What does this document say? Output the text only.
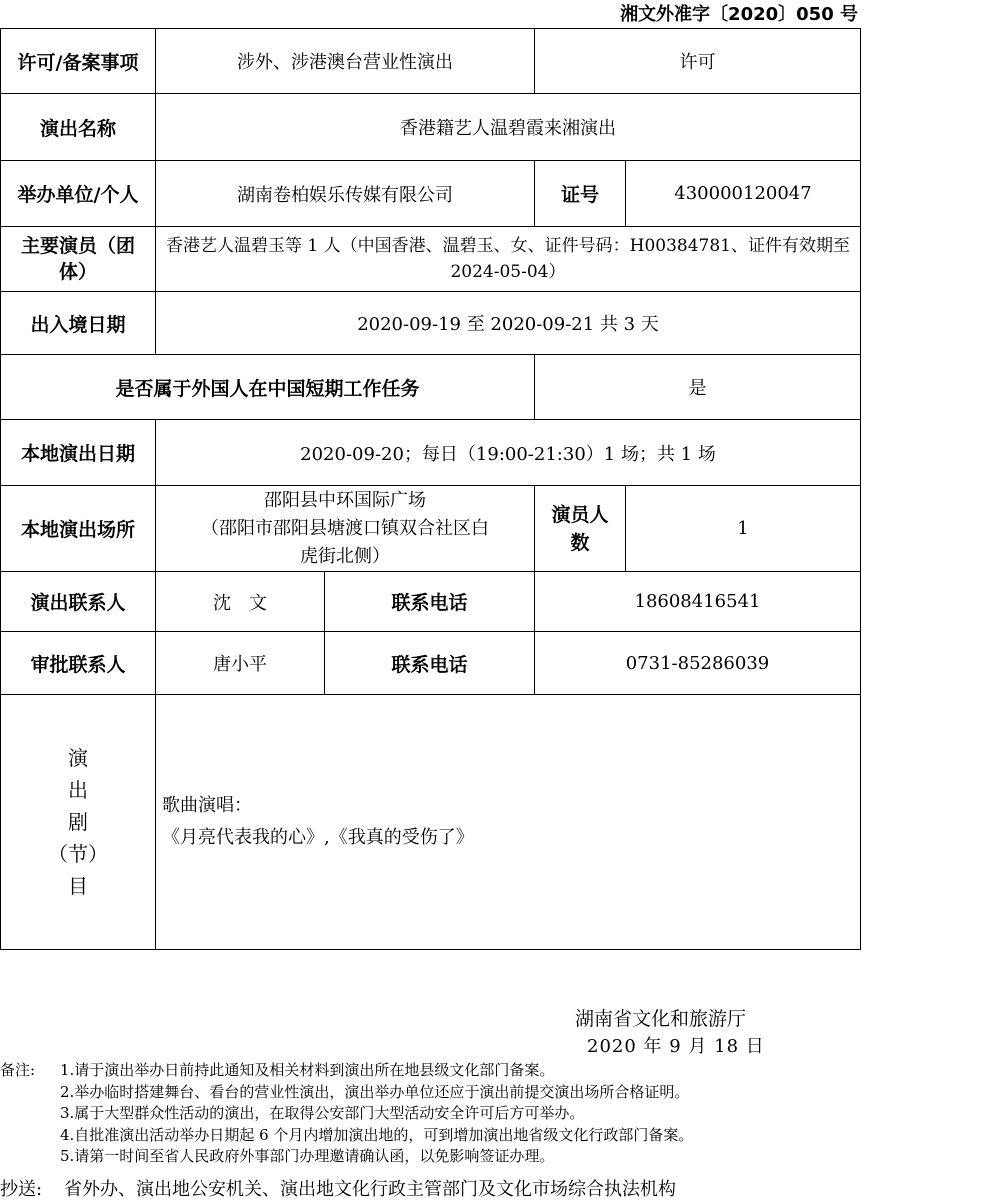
湘文外准字〔2020〕050 号
许可/备案事项	涉外、涉港澳台营业性演出		许可	
演出名称	香港籍艺人温碧霞来湘演出			
举办单位/个人	湖南卷柏娱乐传媒有限公司		证号	430000120047
主要演员（团体）	香港艺人温碧玉等 1 人（中国香港、温碧玉、女、证件号码：H00384781、证件有效期至 2024-05-04）			
出入境日期	2020-09-19 至 2020-09-21 共 3 天			
是否属于外国人在中国短期工作任务			是	
本地演出日期	2020-09-20；每日（19:00-21:30）1 场；共 1 场			
本地演出场所	邵阳县中环国际广场
（邵阳市邵阳县塘渡口镇双合社区白
虎街北侧）		演员人数	1
演出联系人	沈　文	联系电话	18608416541	
审批联系人	唐小平	联系电话	0731-85286039	

演
出
剧
（节）
目	歌曲演唱：
《月亮代表我的心》,《我真的受伤了》			
湖南省文化和旅游厅
2020 年 9 月 18 日
备注: 1.请于演出举办日前持此通知及相关材料到演出所在地县级文化部门备案。
2.举办临时搭建舞台、看台的营业性演出，演出举办单位还应于演出前提交演出场所合格证明。
3.属于大型群众性活动的演出，在取得公安部门大型活动安全许可后方可举办。
4.自批准演出活动举办日期起 6 个月内增加演出地的，可到增加演出地省级文化行政部门备案。
5.请第一时间至省人民政府外事部门办理邀请确认函，以免影响签证办理。
抄送: 省外办、演出地公安机关、演出地文化行政主管部门及文化市场综合执法机构
